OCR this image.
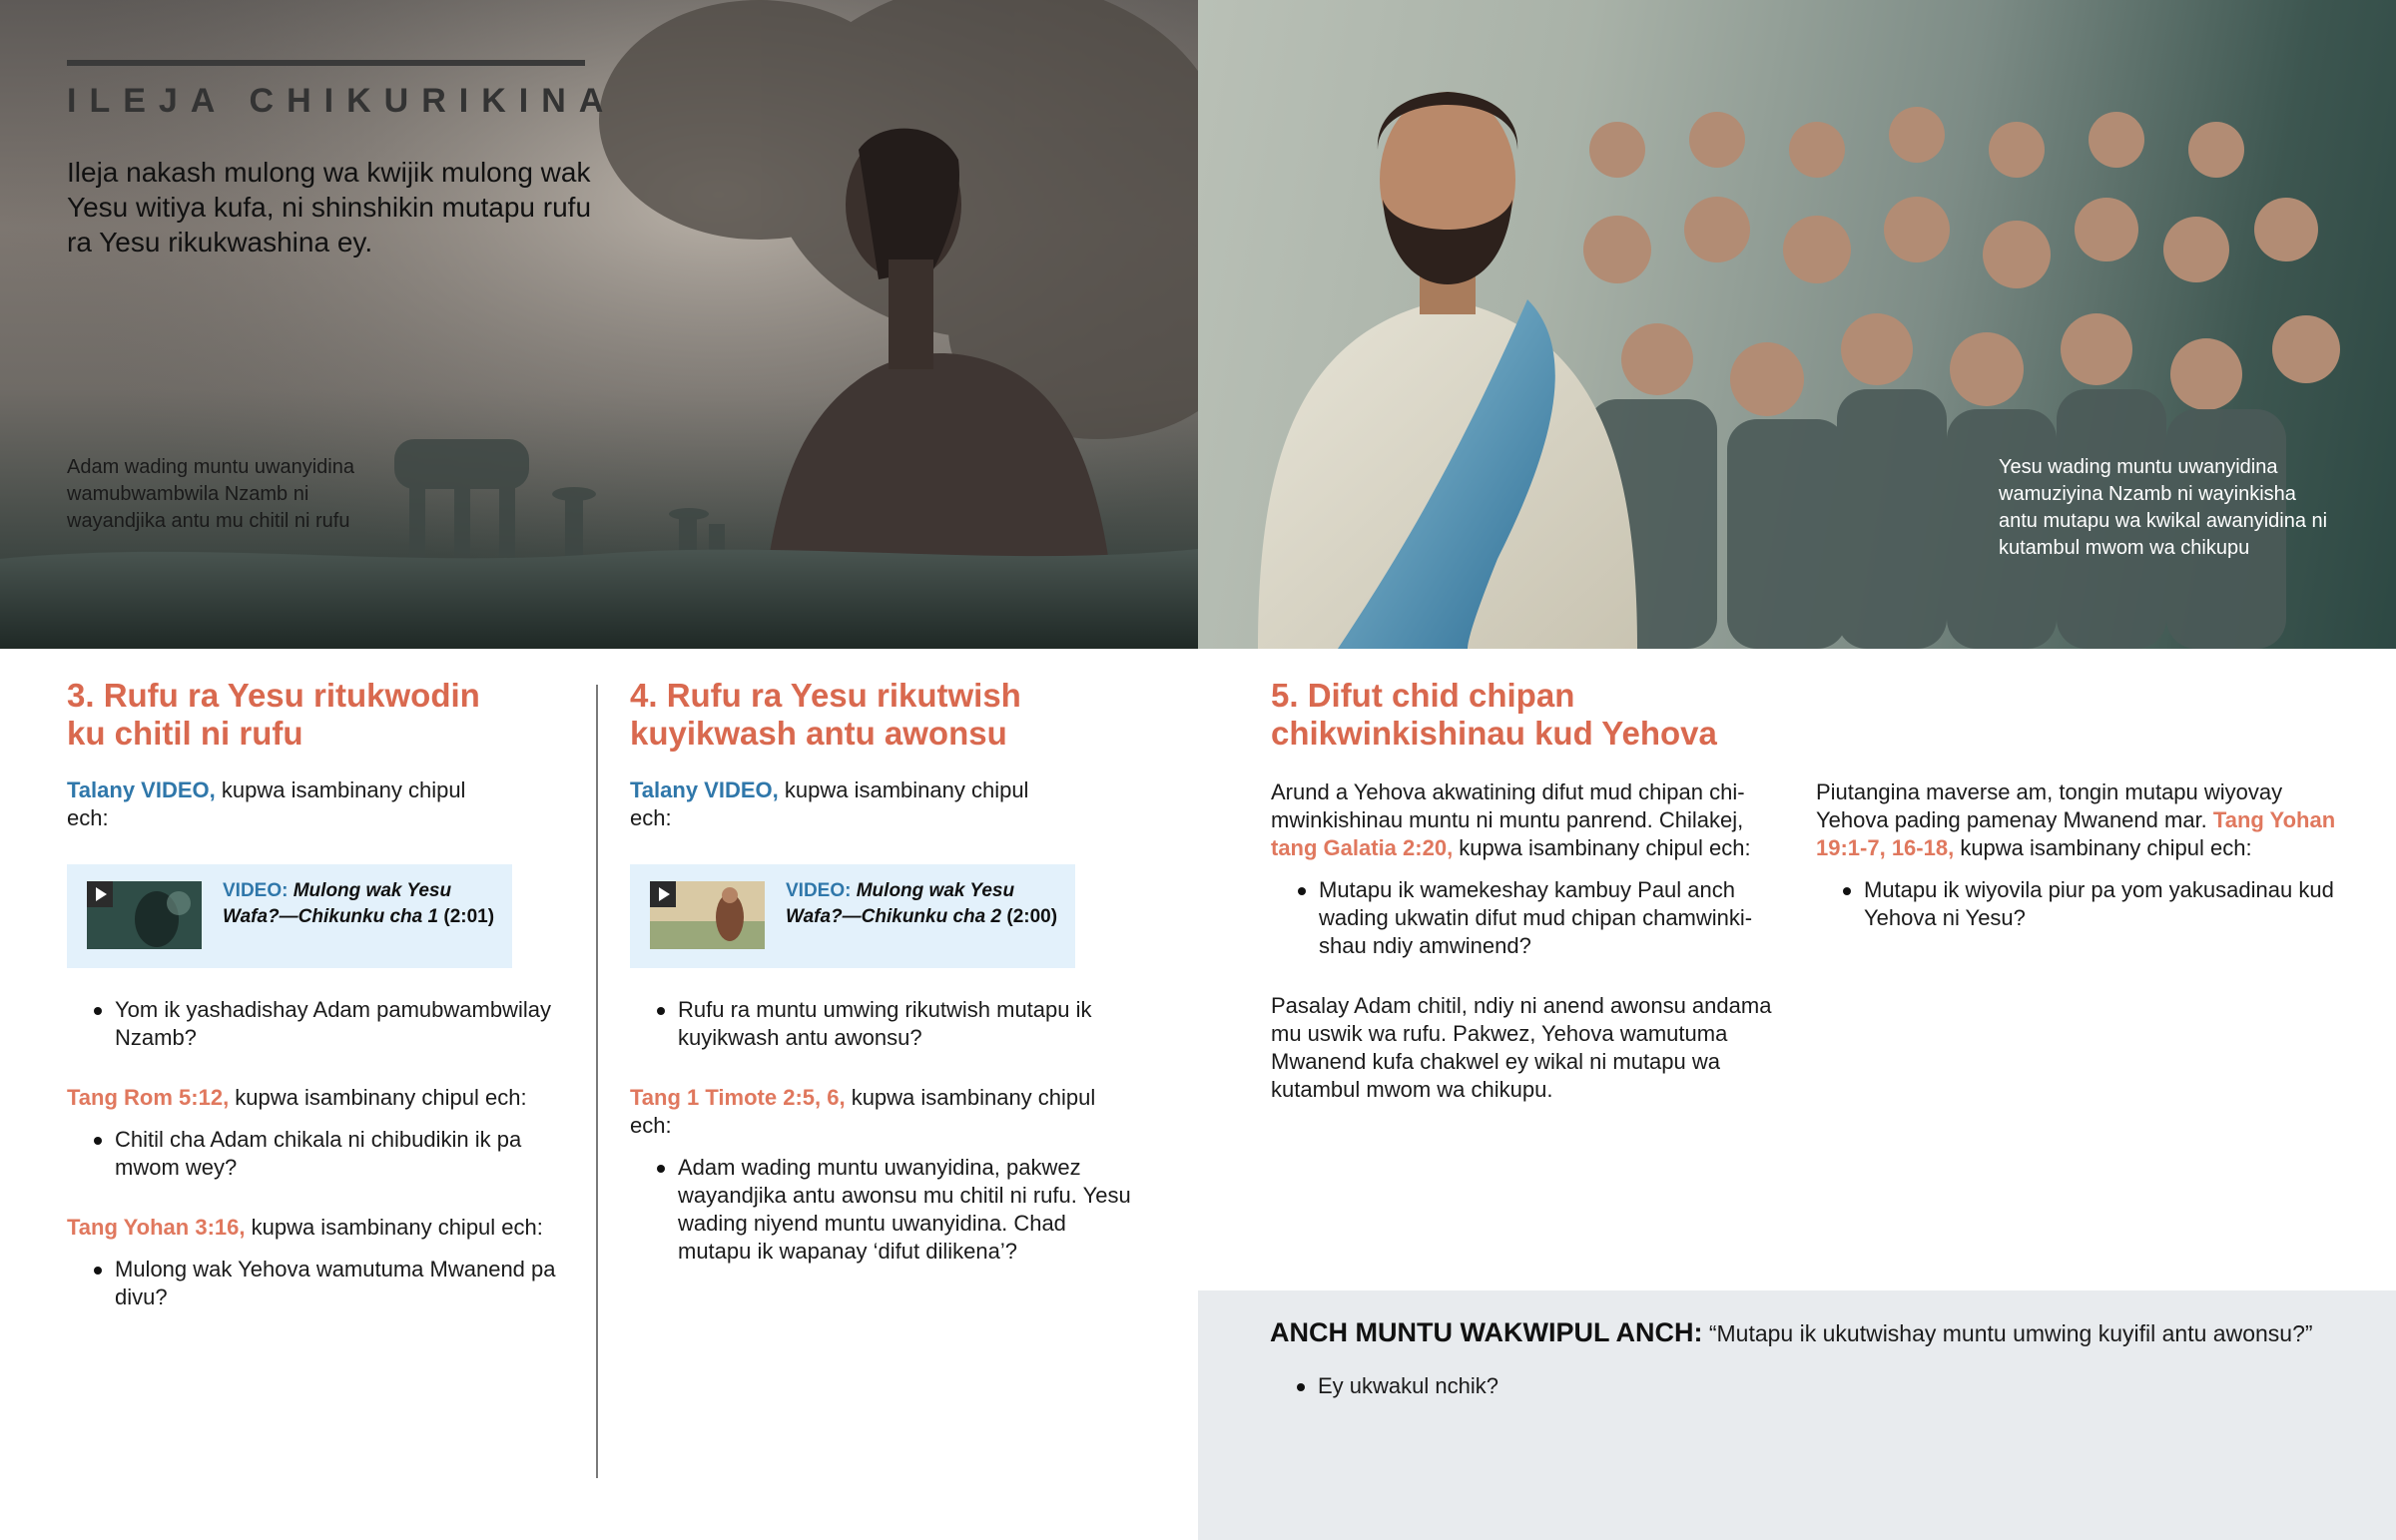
ILEJA CHIKURIKINA
Ileja nakash mulong wa kwijik mulong wak Yesu witiya kufa, ni shinshikin mutapu rufu ra Yesu rikukwashina ey.
Adam wading muntu uwanyidina wamubwambwila Nzamb ni wayandjika antu mu chitil ni rufu
Yesu wading muntu uwanyidina wamuziyina Nzamb ni wayinkisha antu mutapu wa kwikal awanyidina ni kutambul mwom wa chikupu
3. Rufu ra Yesu ritukwodin
ku chitil ni rufu

Talany VIDEO, kupwa isambinany chipul ech:

VIDEO: Mulong wak Yesu Wafa?—Chikunku cha 1 (2:01)
Yom ik yashadishay Adam pamubwambwilay Nzamb?

Tang Rom 5:12, kupwa isambinany chipul ech:

Chitil cha Adam chikala ni chibudikin ik pa mwom wey?

Tang Yohan 3:16, kupwa isambinany chipul ech:

Mulong wak Yehova wamutuma Mwanend pa divu?
4. Rufu ra Yesu rikutwish
kuyikwash antu awonsu

Talany VIDEO, kupwa isambinany chipul ech:

VIDEO: Mulong wak Yesu Wafa?—Chikunku cha 2 (2:00)
Rufu ra muntu umwing rikutwish mutapu ik kuyikwash antu awonsu?

Tang 1 Timote 2:5, 6, kupwa isambinany chipul ech:

Adam wading muntu uwanyidina, pakwez wayandjika antu awonsu mu chitil ni rufu. Yesu wading niyend muntu uwanyidina. Chad mutapu ik wapanay ‘difut dilikena’?
5. Difut chid chipan
chikwinkishinau kud Yehova

Arund a Yehova akwatining difut mud chipan chi-mwinkishinau muntu ni muntu panrend. Chilakej, tang Galatia 2:20, kupwa isambinany chipul ech:

Mutapu ik wamekeshay kambuy Paul anch wading ukwatin difut mud chipan chamwinki-shau ndiy amwinend?

Pasalay Adam chitil, ndiy ni anend awonsu andama mu uswik wa rufu. Pakwez, Yehova wamutuma Mwanend kufa chakwel ey wikal ni mutapu wa kutambul mwom wa chikupu.

Piutangina maverse am, tongin mutapu wiyovay Yehova pading pamenay Mwanend mar. Tang Yohan 19:1-7, 16-18, kupwa isambinany chipul ech:

Mutapu ik wiyovila piur pa yom yakusadinau kud Yehova ni Yesu?
ANCH MUNTU WAKWIPUL ANCH: “Mutapu ik ukutwishay muntu umwing kuyifil antu awonsu?”
Ey ukwakul nchik?
